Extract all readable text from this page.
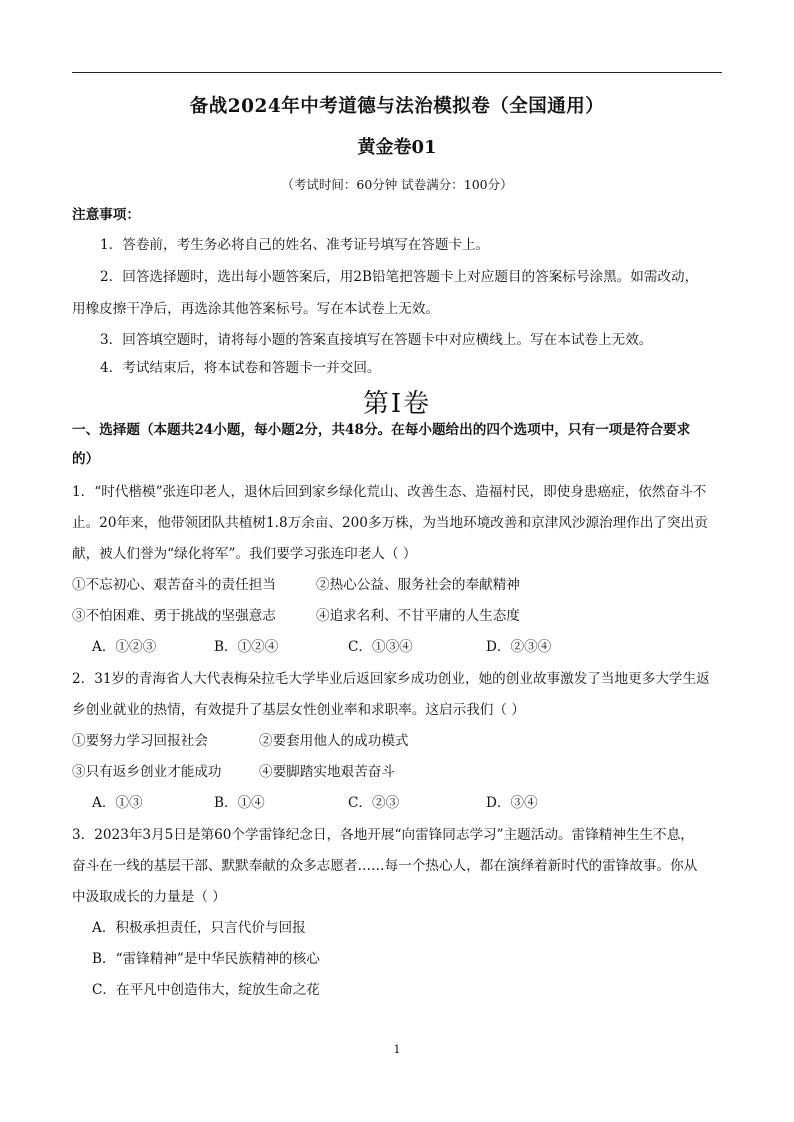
备战2024年中考道德与法治模拟卷（全国通用）
黄金卷01
（考试时间：60分钟 试卷满分：100分）
注意事项：
1．答卷前，考生务必将自己的姓名、准考证号填写在答题卡上。
2．回答选择题时，选出每小题答案后，用2B铅笔把答题卡上对应题目的答案标号涂黑。如需改动，
用橡皮擦干净后，再选涂其他答案标号。写在本试卷上无效。
3．回答填空题时，请将每小题的答案直接填写在答题卡中对应横线上。写在本试卷上无效。
4．考试结束后，将本试卷和答题卡一并交回。
第Ⅰ卷
一、选择题（本题共24小题，每小题2分，共48分。在每小题给出的四个选项中，只有一项是符合要求
的）
1．“时代楷模”张连印老人，退休后回到家乡绿化荒山、改善生态、造福村民，即使身患癌症，依然奋斗不
止。20年来，他带领团队共植树1.8万余亩、200多万株，为当地环境改善和京津风沙源治理作出了突出贡
献，被人们誉为“绿化将军”。我们要学习张连印老人（ ）
①不忘初心、艰苦奋斗的责任担当	②热心公益、服务社会的奉献精神
③不怕困难、勇于挑战的坚强意志	④追求名利、不甘平庸的人生态度
A．①②③	B．①②④	C．①③④	D．②③④
2．31岁的青海省人大代表梅朵拉毛大学毕业后返回家乡成功创业，她的创业故事激发了当地更多大学生返
乡创业就业的热情，有效提升了基层女性创业率和求职率。这启示我们（ ）
①要努力学习回报社会	②要套用他人的成功模式
③只有返乡创业才能成功	④要脚踏实地艰苦奋斗
A．①③	B．①④	C．②③	D．③④
3．2023年3月5日是第60个学雷锋纪念日，各地开展“向雷锋同志学习”主题活动。雷锋精神生生不息，
奋斗在一线的基层干部、默默奉献的众多志愿者……每一个热心人，都在演绎着新时代的雷锋故事。你从
中汲取成长的力量是（ ）
A．积极承担责任，只言代价与回报
B．“雷锋精神”是中华民族精神的核心
C．在平凡中创造伟大，绽放生命之花
1
